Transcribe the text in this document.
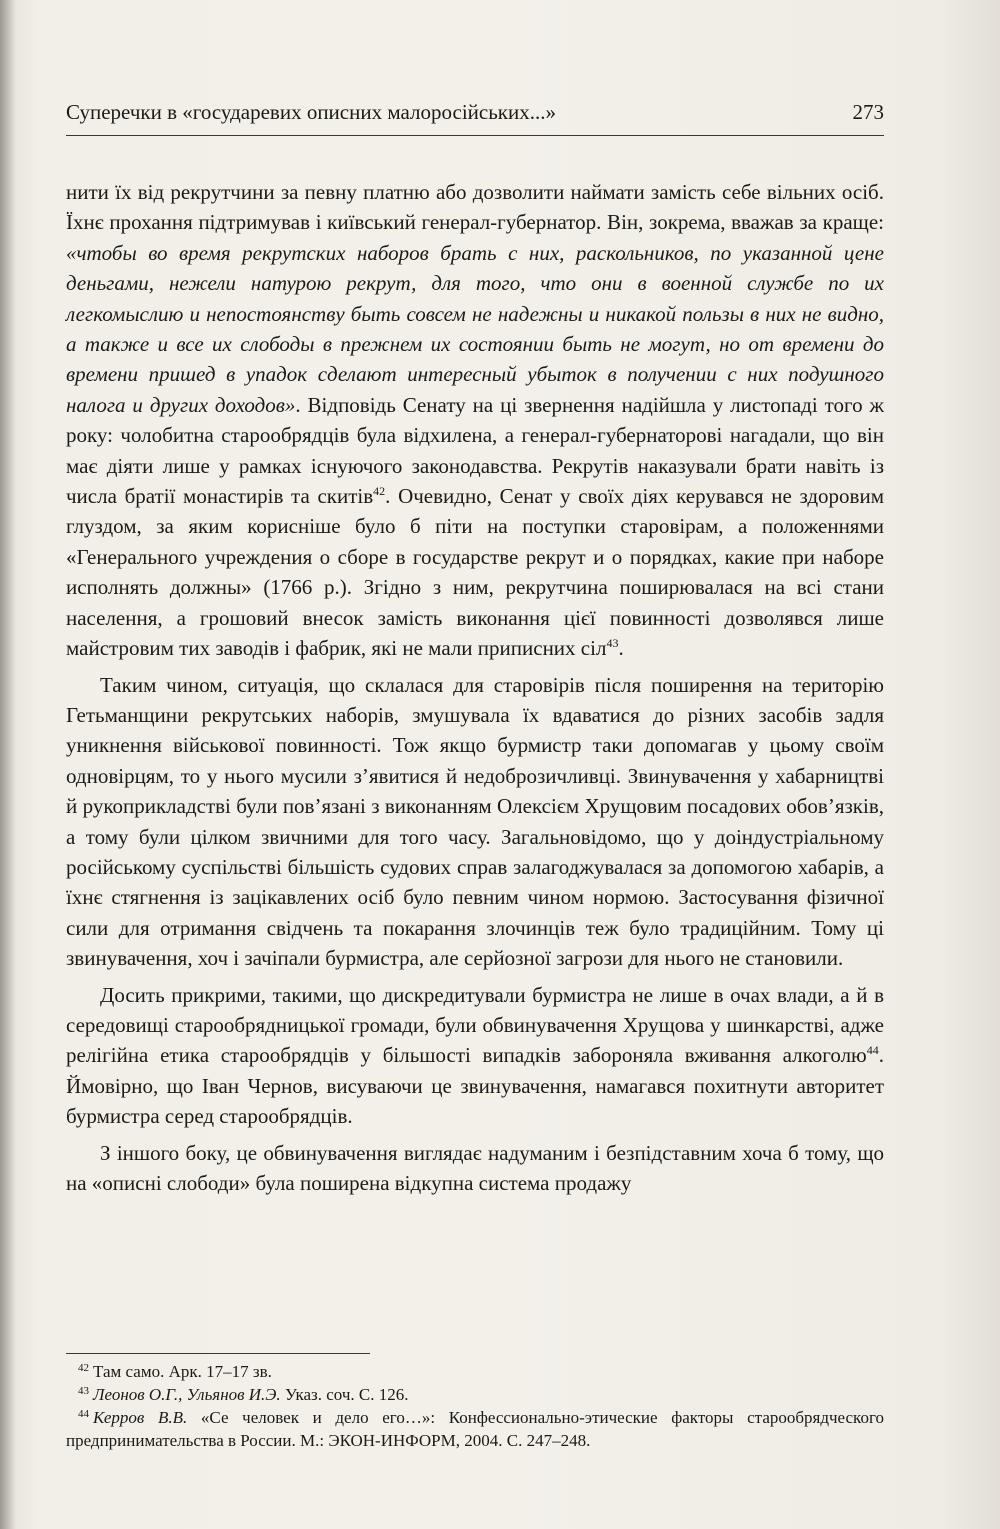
Суперечки в «государевих описних малоросійських...»	273

нити їх від рекрутчини за певну платню або дозволити наймати замість себе вільних осіб. Їхнє прохання підтримував і київський генерал-губернатор. Він, зокрема, вважав за краще: «чтобы во время рекрутских наборов брать с них, раскольников, по указанной цене деньгами, нежели натурою рекрут, для того, что они в военной службе по их легкомыслию и непостоянству быть совсем не надежны и никакой пользы в них не видно, а также и все их слободы в прежнем их состоянии быть не могут, но от времени до времени пришед в упадок сделают интересный убыток в получении с них подушного налога и других доходов». Відповідь Сенату на ці звернення надійшла у листопаді того ж року: чолобитна старообрядців була відхилена, а генерал-губернаторові нагадали, що він має діяти лише у рамках існуючого законодавства. Рекрутів наказували брати навіть із числа братії монастирів та скитів$^{42}$. Очевидно, Сенат у своїх діях керувався не здоровим глуздом, за яким кориснішe було б піти на поступки старовірам, а положеннями «Генерального учреждения о сборе в государстве рекрут и о порядках, какие при наборе исполнять должны» (1766 р.). Згідно з ним, рекрутчина поширювалася на всі стани населення, а грошовий внесок замість виконання цієї повинності дозволявся лише майстровим тих заводів і фабрик, які не мали приписних сіл$^{43}$.

Таким чином, ситуація, що склалася для старовірів після поширення на територію Гетьманщини рекрутських наборів, змушувала їх вдаватися до різних засобів задля уникнення військової повинності. Тож якщо бурмистр таки допомагав у цьому своїм одновірцям, то у нього мусили з’явитися й недоброзичливці. Звинувачення у хабарництві й рукоприкладстві були пов’язані з виконанням Олексієм Хрущовим посадових обов’язків, а тому були цілком звичними для того часу. Загальновідомо, що у доіндустріальному російському суспільстві більшість судових справ залагоджувалася за допомогою хабарів, а їхнє стягнення із зацікавлених осіб було певним чином нормою. Застосування фізичної сили для отримання свідчень та покарання злочинців теж було традиційним. Тому ці звинувачення, хоч і зачіпали бурмистра, але серйозної загрози для нього не становили.

Досить прикрими, такими, що дискредитували бурмистра не лише в очах влади, а й в середовищі старообрядницької громади, були обвинувачення Хрущова у шинкарстві, адже релігійна етика старообрядців у більшості випадків забороняла вживання алкоголю$^{44}$. Ймовірно, що Іван Чернов, висуваючи це звинувачення, намагався похитнути авторитет бурмистра серед старообрядців.

З іншого боку, це обвинувачення виглядає надуманим і безпідставним хоча б тому, що на «описні слободи» була поширена відкупна система продажу

$^{42}$ Там само. Арк. 17–17 зв.

$^{43}$ Леонов О.Г., Ульянов И.Э. Указ. соч. С. 126.

$^{44}$ Керров В.В. «Се человек и дело его…»: Конфессионально-этические факторы старообрядческого предпринимательства в России. М.: ЭКОН-ИНФОРМ, 2004. С. 247–248.
